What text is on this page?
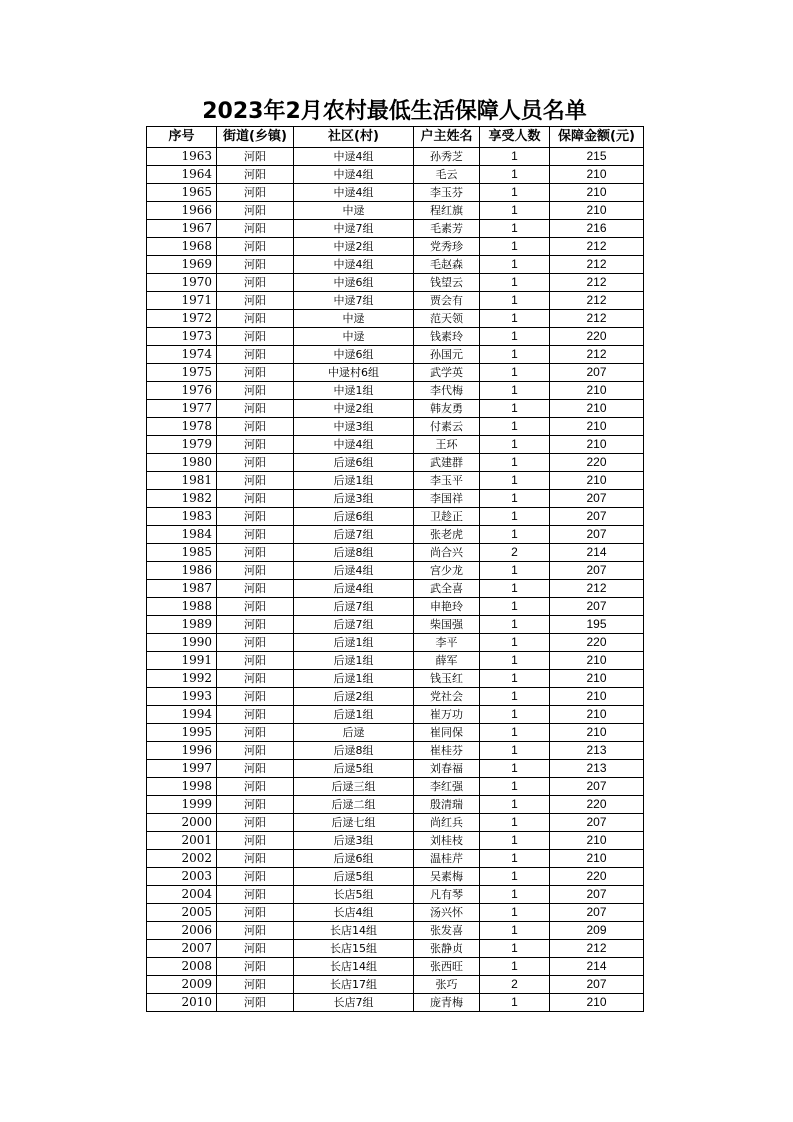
2023年2月农村最低生活保障人员名单
序号	街道(乡镇)	社区(村)	户主姓名	享受人数	保障金额(元)
1963	河阳	中逯4组	孙秀芝	1	215
1964	河阳	中逯4组	毛云	1	210
1965	河阳	中逯4组	李玉芬	1	210
1966	河阳	中逯	程红旗	1	210
1967	河阳	中逯7组	毛素芳	1	216
1968	河阳	中逯2组	党秀珍	1	212
1969	河阳	中逯4组	毛赵森	1	212
1970	河阳	中逯6组	钱望云	1	212
1971	河阳	中逯7组	贾会有	1	212
1972	河阳	中逯	范天领	1	212
1973	河阳	中逯	钱素玲	1	220
1974	河阳	中逯6组	孙国元	1	212
1975	河阳	中逯村6组	武学英	1	207
1976	河阳	中逯1组	李代梅	1	210
1977	河阳	中逯2组	韩友勇	1	210
1978	河阳	中逯3组	付素云	1	210
1979	河阳	中逯4组	王环	1	210
1980	河阳	后逯6组	武建群	1	220
1981	河阳	后逯1组	李玉平	1	210
1982	河阳	后逯3组	李国祥	1	207
1983	河阳	后逯6组	卫趁正	1	207
1984	河阳	后逯7组	张老虎	1	207
1985	河阳	后逯8组	尚合兴	2	214
1986	河阳	后逯4组	宫少龙	1	207
1987	河阳	后逯4组	武全喜	1	212
1988	河阳	后逯7组	申艳玲	1	207
1989	河阳	后逯7组	柴国强	1	195
1990	河阳	后逯1组	李平	1	220
1991	河阳	后逯1组	薛军	1	210
1992	河阳	后逯1组	钱玉红	1	210
1993	河阳	后逯2组	党社会	1	210
1994	河阳	后逯1组	崔万功	1	210
1995	河阳	后逯	崔同保	1	210
1996	河阳	后逯8组	崔桂芬	1	213
1997	河阳	后逯5组	刘春福	1	213
1998	河阳	后逯三组	李红强	1	207
1999	河阳	后逯二组	殷清瑞	1	220
2000	河阳	后逯七组	尚红兵	1	207
2001	河阳	后逯3组	刘桂枝	1	210
2002	河阳	后逯6组	温桂芹	1	210
2003	河阳	后逯5组	吴素梅	1	220
2004	河阳	长店5组	凡有琴	1	207
2005	河阳	长店4组	汤兴怀	1	207
2006	河阳	长店14组	张发喜	1	209
2007	河阳	长店15组	张静贞	1	212
2008	河阳	长店14组	张西旺	1	214
2009	河阳	长店17组	张巧	2	207
2010	河阳	长店7组	庞青梅	1	210
